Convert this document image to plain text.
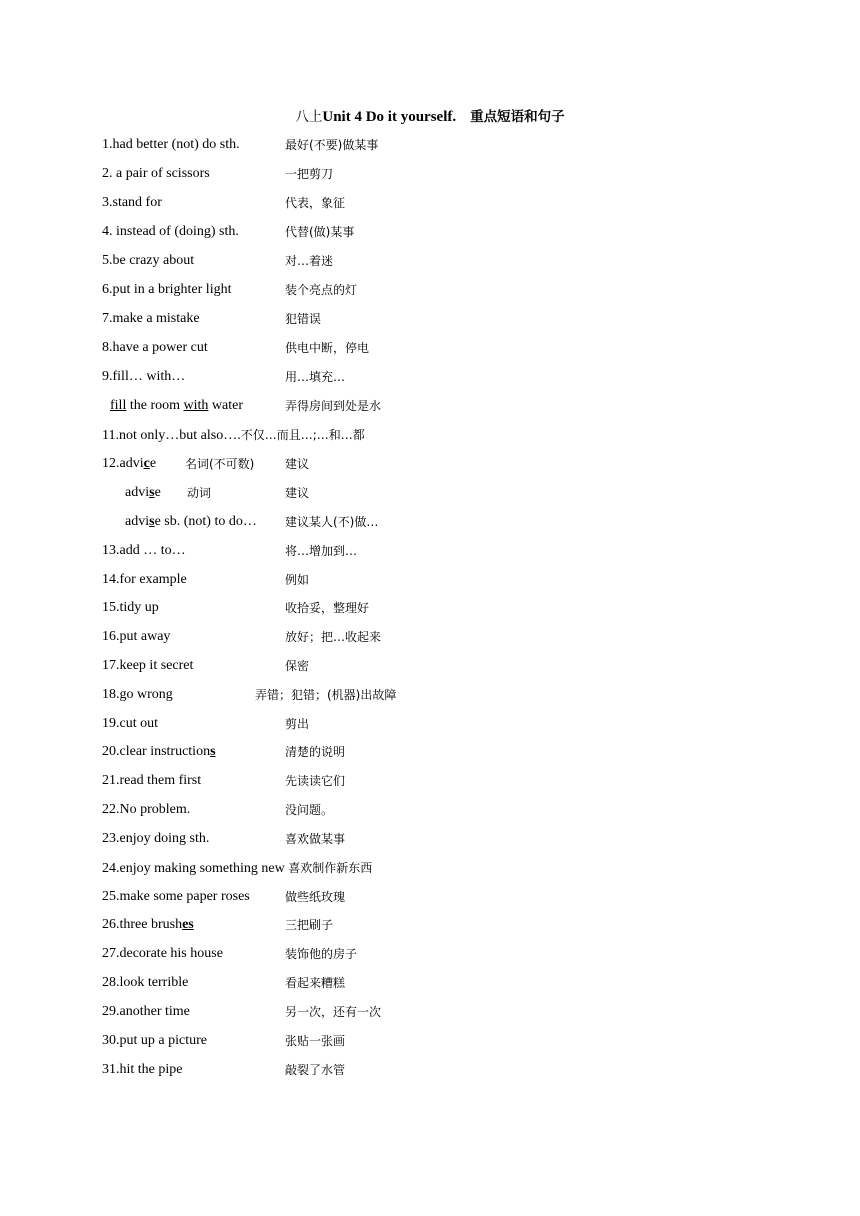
八上Unit 4 Do it yourself. 重点短语和句子
1.had better (not) do sth.	最好(不要)做某事
2. a pair of scissors	一把剪刀
3.stand for	代表，象征
4. instead of (doing) sth.	代替(做)某事
5.be crazy about	对…着迷
6.put in a brighter light	装个亮点的灯
7.make a mistake	犯错误
8.have a power cut	供电中断，停电
9.fill… with…	用…填充…
fill the room with water	弄得房间到处是水
11.not only…but also….不仅…而且…;…和…都
12.advice 名词(不可数)	建议
advise 动词	建议
advise sb. (not) to do… 建议某人(不)做…
13.add … to…	将…增加到…
14.for example	例如
15.tidy up	收拾妥，整理好
16.put away	放好；把…收起来
17.keep it secret	保密
18.go wrong	弄错；犯错；(机器)出故障
19.cut out	剪出
20.clear instructions	清楚的说明
21.read them first	先读读它们
22.No problem.	没问题。
23.enjoy doing sth.	喜欢做某事
24.enjoy making something new 喜欢制作新东西
25.make some paper roses	做些纸玫瑰
26.three brushes	三把刷子
27.decorate his house	装饰他的房子
28.look terrible	看起来糟糕
29.another time	另一次，还有一次
30.put up a picture	张贴一张画
31.hit the pipe	敲裂了水管
